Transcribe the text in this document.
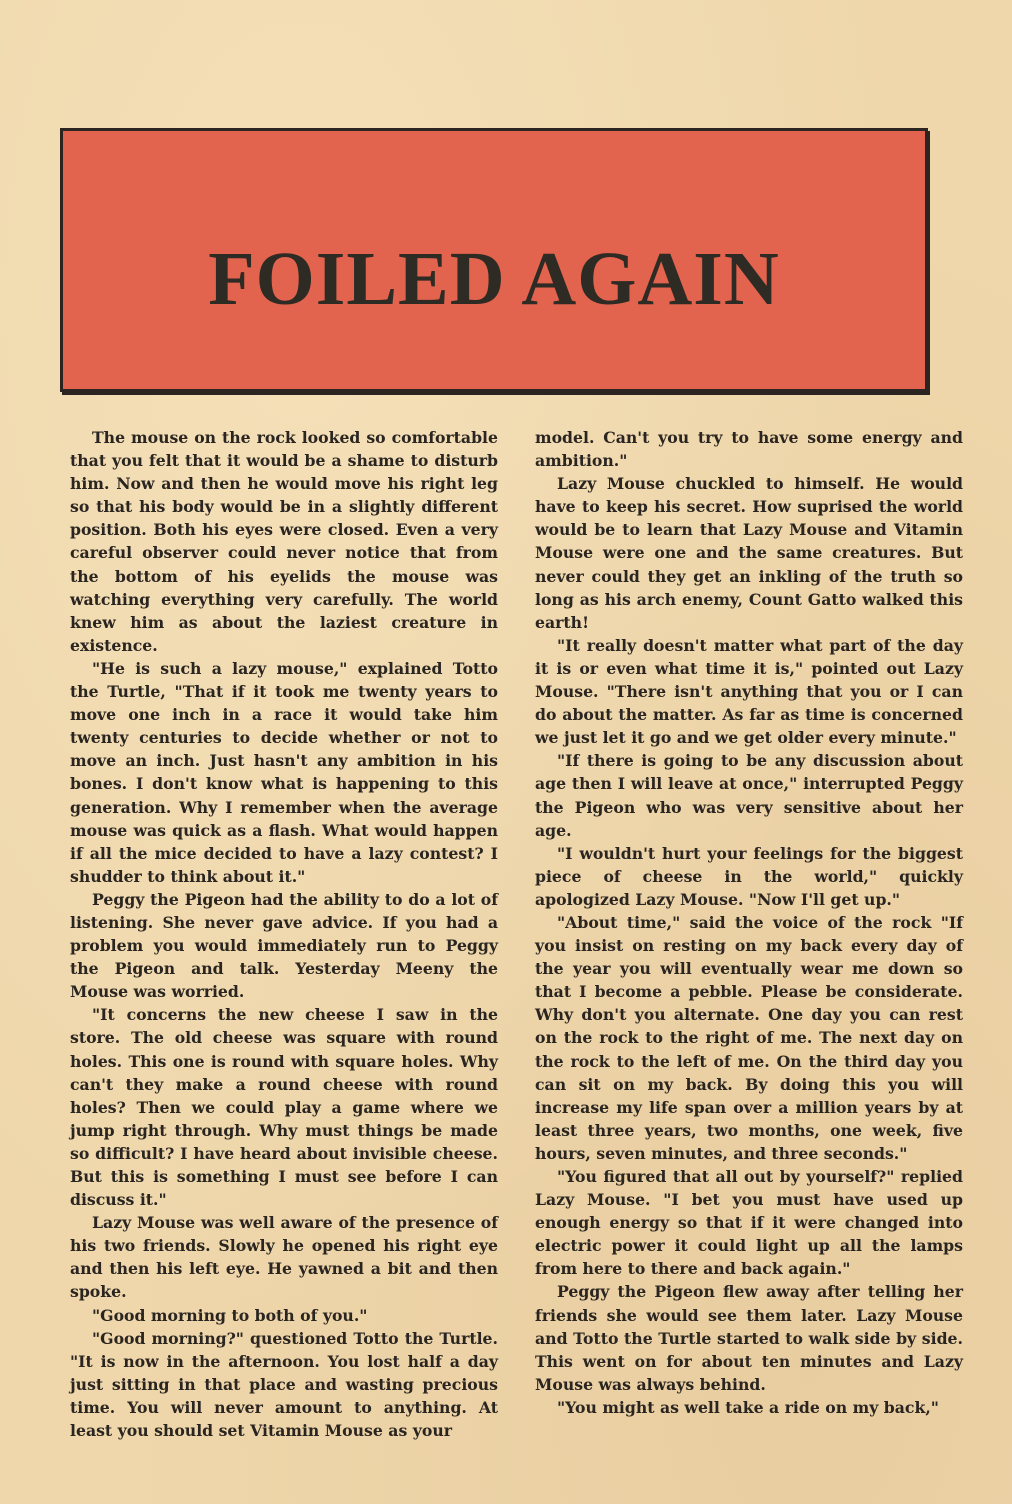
FOILED AGAIN

The mouse on the rock looked so comfortable that you felt that it would be a shame to disturb him. Now and then he would move his right leg so that his body would be in a slightly different position. Both his eyes were closed. Even a very careful observer could never notice that from the bottom of his eyelids the mouse was watching everything very carefully. The world knew him as about the laziest creature in existence.

"He is such a lazy mouse," explained Totto the Turtle, "That if it took me twenty years to move one inch in a race it would take him twenty centuries to decide whether or not to move an inch. Just hasn't any ambition in his bones. I don't know what is happening to this generation. Why I remember when the average mouse was quick as a flash. What would happen if all the mice decided to have a lazy contest? I shudder to think about it."

Peggy the Pigeon had the ability to do a lot of listening. She never gave advice. If you had a problem you would immediately run to Peggy the Pigeon and talk. Yesterday Meeny the Mouse was worried.

"It concerns the new cheese I saw in the store. The old cheese was square with round holes. This one is round with square holes. Why can't they make a round cheese with round holes? Then we could play a game where we jump right through. Why must things be made so difficult? I have heard about invisible cheese. But this is something I must see before I can discuss it."

Lazy Mouse was well aware of the presence of his two friends. Slowly he opened his right eye and then his left eye. He yawned a bit and then spoke.

"Good morning to both of you."

"Good morning?" questioned Totto the Turtle. "It is now in the afternoon. You lost half a day just sitting in that place and wasting precious time. You will never amount to anything. At least you should set Vitamin Mouse as your

model. Can't you try to have some energy and ambition."

Lazy Mouse chuckled to himself. He would have to keep his secret. How suprised the world would be to learn that Lazy Mouse and Vitamin Mouse were one and the same creatures. But never could they get an inkling of the truth so long as his arch enemy, Count Gatto walked this earth!

"It really doesn't matter what part of the day it is or even what time it is," pointed out Lazy Mouse. "There isn't anything that you or I can do about the matter. As far as time is concerned we just let it go and we get older every minute."

"If there is going to be any discussion about age then I will leave at once," interrupted Peggy the Pigeon who was very sensitive about her age.

"I wouldn't hurt your feelings for the biggest piece of cheese in the world," quickly apologized Lazy Mouse. "Now I'll get up."

"About time," said the voice of the rock "If you insist on resting on my back every day of the year you will eventually wear me down so that I become a pebble. Please be considerate. Why don't you alternate. One day you can rest on the rock to the right of me. The next day on the rock to the left of me. On the third day you can sit on my back. By doing this you will increase my life span over a million years by at least three years, two months, one week, five hours, seven minutes, and three seconds."

"You figured that all out by yourself?" replied Lazy Mouse. "I bet you must have used up enough energy so that if it were changed into electric power it could light up all the lamps from here to there and back again."

Peggy the Pigeon flew away after telling her friends she would see them later. Lazy Mouse and Totto the Turtle started to walk side by side. This went on for about ten minutes and Lazy Mouse was always behind.

"You might as well take a ride on my back,"
